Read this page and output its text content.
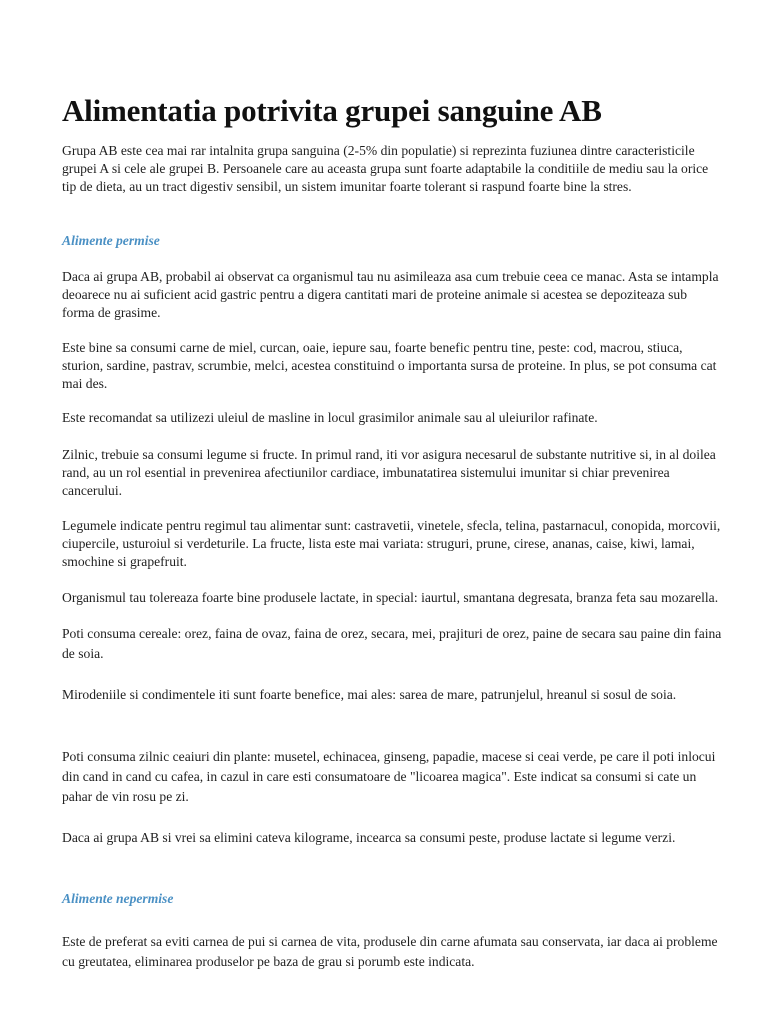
Alimentatia potrivita grupei sanguine AB

Grupa AB este cea mai rar intalnita grupa sanguina (2-5% din populatie) si reprezinta fuziunea dintre caracteristicile grupei A si cele ale grupei B. Persoanele care au aceasta grupa sunt foarte adaptabile la conditiile de mediu sau la orice tip de dieta, au un tract digestiv sensibil, un sistem imunitar foarte tolerant si raspund foarte bine la stres.

Alimente permise

Daca ai grupa AB, probabil ai observat ca organismul tau nu asimileaza asa cum trebuie ceea ce manac. Asta se intampla deoarece nu ai suficient acid gastric pentru a digera cantitati mari de proteine animale si acestea se depoziteaza sub forma de grasime.

Este bine sa consumi carne de miel, curcan, oaie, iepure sau, foarte benefic pentru tine, peste: cod, macrou, stiuca, sturion, sardine, pastrav, scrumbie, melci, acestea constituind o importanta sursa de proteine. In plus, se pot consuma cat mai des.

Este recomandat sa utilizezi uleiul de masline in locul grasimilor animale sau al uleiurilor rafinate.

Zilnic, trebuie sa consumi legume si fructe. In primul rand, iti vor asigura necesarul de substante nutritive si, in al doilea rand, au un rol esential in prevenirea afectiunilor cardiace, imbunatatirea sistemului imunitar si chiar prevenirea cancerului.

Legumele indicate pentru regimul tau alimentar sunt: castravetii, vinetele, sfecla, telina, pastarnacul, conopida, morcovii, ciupercile, usturoiul si verdeturile. La fructe, lista este mai variata: struguri, prune, cirese, ananas, caise, kiwi, lamai, smochine si grapefruit.

Organismul tau tolereaza foarte bine produsele lactate, in special: iaurtul, smantana degresata, branza feta sau mozarella.

Poti consuma cereale: orez, faina de ovaz, faina de orez, secara, mei, prajituri de orez, paine de secara sau paine din faina de soia.

Mirodeniile si condimentele iti sunt foarte benefice, mai ales: sarea de mare, patrunjelul, hreanul si sosul de soia.

Poti consuma zilnic ceaiuri din plante: musetel, echinacea, ginseng, papadie, macese si ceai verde, pe care il poti inlocui din cand in cand cu cafea, in cazul in care esti consumatoare de "licoarea magica". Este indicat sa consumi si cate un pahar de vin rosu pe zi.

Daca ai grupa AB si vrei sa elimini cateva kilograme, incearca sa consumi peste, produse lactate si legume verzi.

Alimente nepermise

Este de preferat sa eviti carnea de pui si carnea de vita, produsele din carne afumata sau conservata, iar daca ai probleme cu greutatea, eliminarea produselor pe baza de grau si porumb este indicata.
